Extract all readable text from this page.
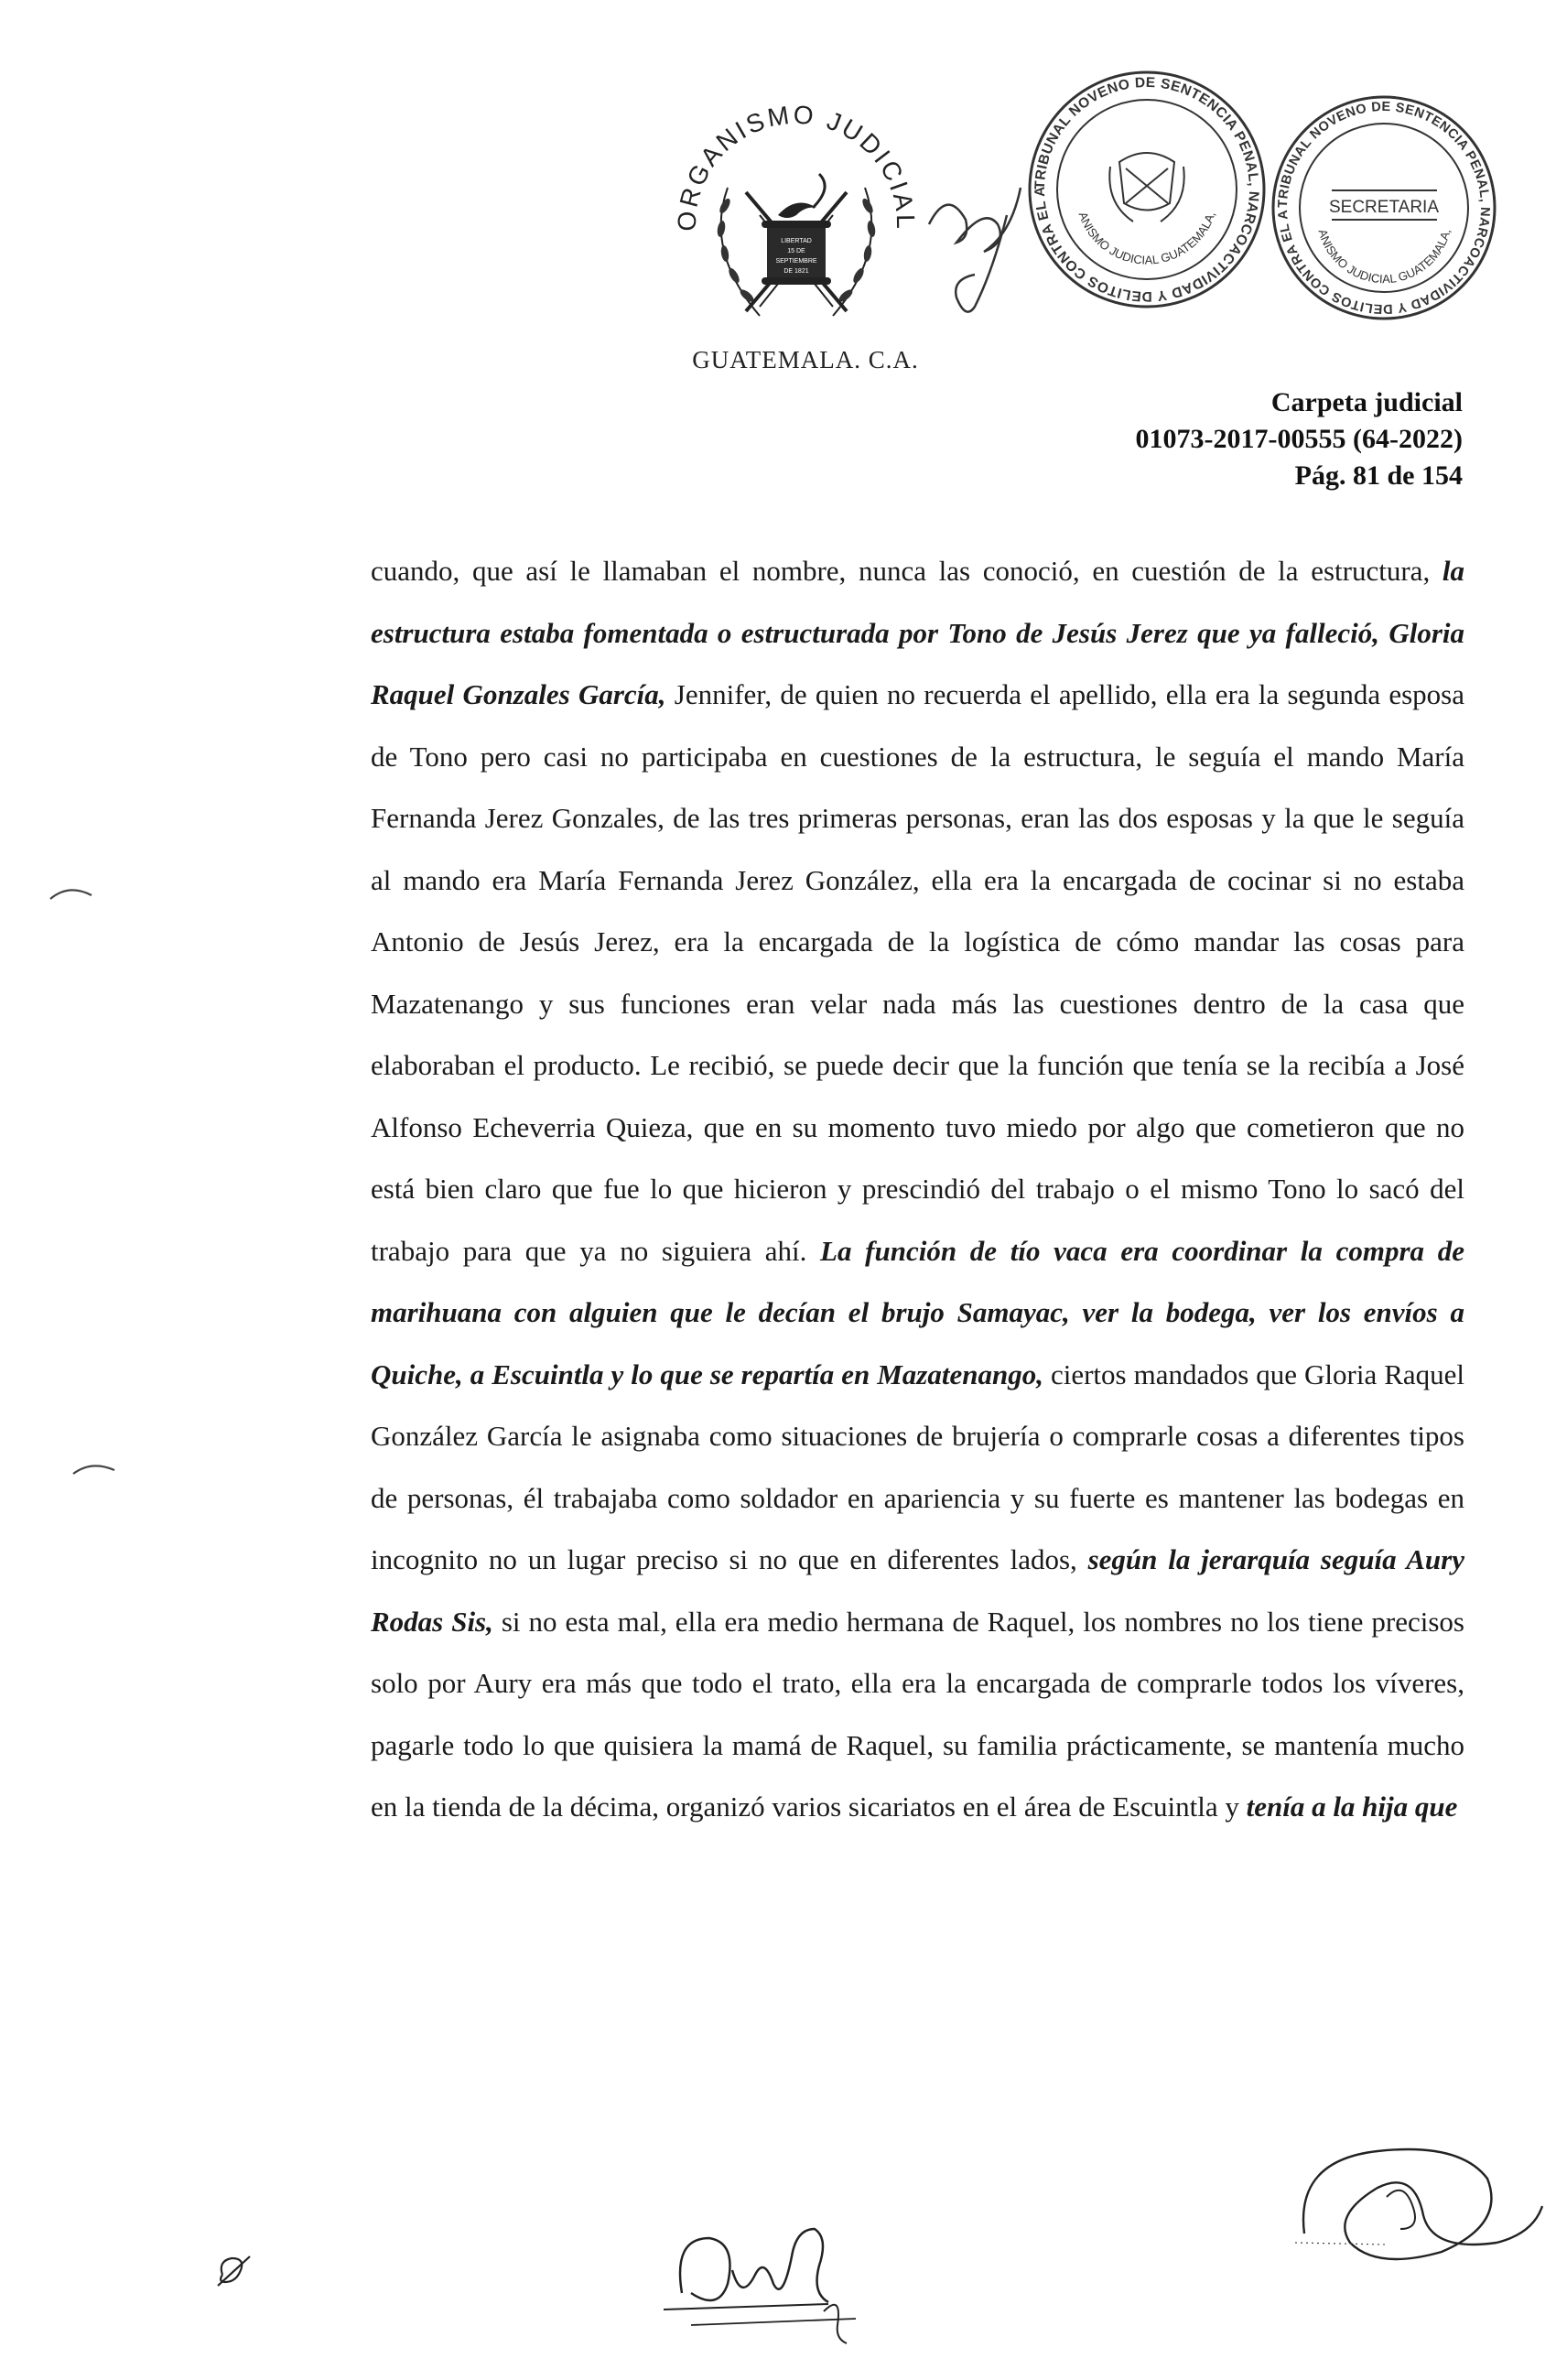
ORGANISMO JUDICIAL
LIBERTAD
15 DE
SEPTIEMBRE
DE 1821
GUATEMALA. C.A.
TRIBUNAL NOVENO DE SENTENCIA PENAL, NARCOACTIVIDAD Y DELITOS CONTRA EL A
ANISMO JUDICIAL GUATEMALA,
TRIBUNAL NOVENO DE SENTENCIA PENAL, NARCOACTIVIDAD Y DELITOS CONTRA EL A	SECRETARIA
ANISMO JUDICIAL GUATEMALA,
Carpeta judicial
01073-2017-00555 (64-2022)
Pág. 81 de 154

cuando, que así le llamaban el nombre, nunca las conoció, en cuestión de la estructura, la estructura estaba fomentada o estructurada por Tono de Jesús Jerez que ya falleció, Gloria Raquel Gonzales García, Jennifer, de quien no recuerda el apellido, ella era la segunda esposa de Tono pero casi no participaba en cuestiones de la estructura, le seguía el mando María Fernanda Jerez Gonzales, de las tres primeras personas, eran las dos esposas y la que le seguía al mando era María Fernanda Jerez González, ella era la encargada de cocinar si no estaba Antonio de Jesús Jerez, era la encargada de la logística de cómo mandar las cosas para Mazatenango y sus funciones eran velar nada más las cuestiones dentro de la casa que elaboraban el producto. Le recibió, se puede decir que la función que tenía se la recibía a José Alfonso Echeverria Quieza, que en su momento tuvo miedo por algo que cometieron que no está bien claro que fue lo que hicieron y prescindió del trabajo o el mismo Tono lo sacó del trabajo para que ya no siguiera ahí. La función de tío vaca era coordinar la compra de marihuana con alguien que le decían el brujo Samayac, ver la bodega, ver los envíos a Quiche, a Escuintla y lo que se repartía en Mazatenango, ciertos mandados que Gloria Raquel González García le asignaba como situaciones de brujería o comprarle cosas a diferentes tipos de personas, él trabajaba como soldador en apariencia y su fuerte es mantener las bodegas en incognito no un lugar preciso si no que en diferentes lados, según la jerarquía seguía Aury Rodas Sis, si no esta mal, ella era medio hermana de Raquel, los nombres no los tiene precisos solo por Aury era más que todo el trato, ella era la encargada de comprarle todos los víveres, pagarle todo lo que quisiera la mamá de Raquel, su familia prácticamente, se mantenía mucho en la tienda de la décima, organizó varios sicariatos en el área de Escuintla y tenía a la hija que
